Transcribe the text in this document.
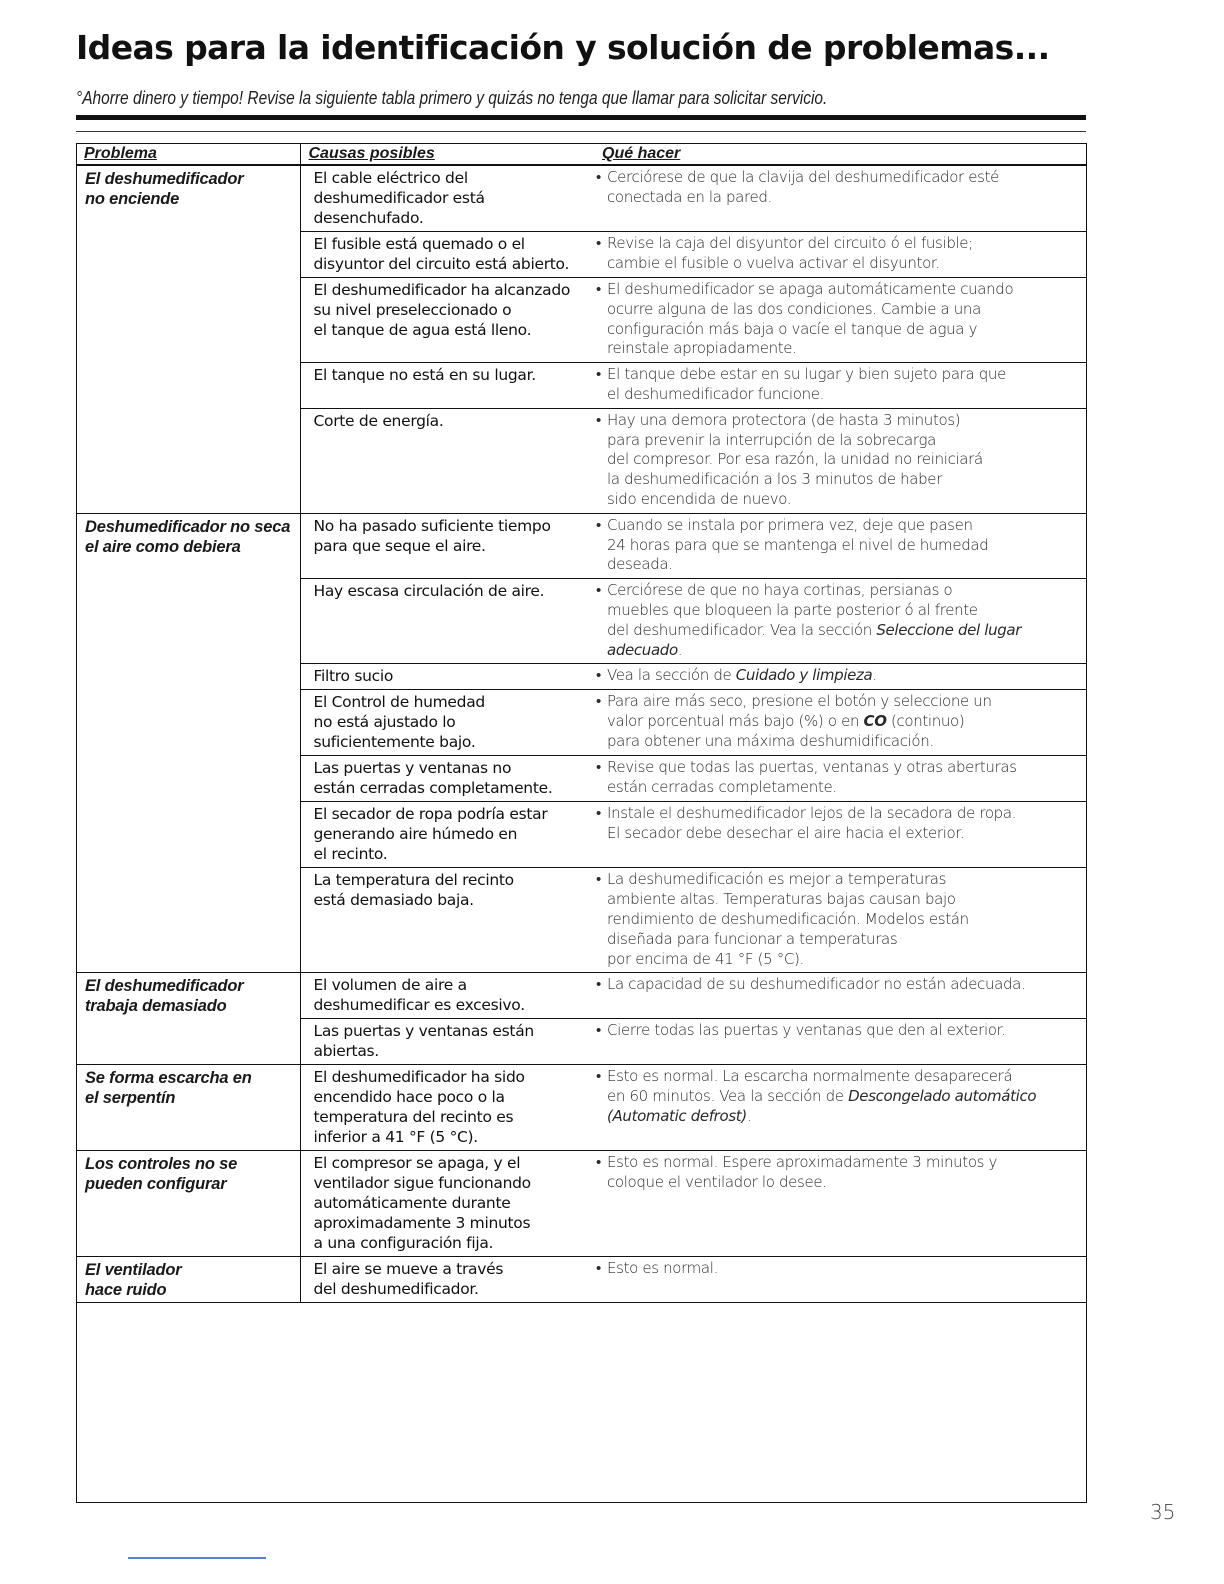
Ideas para la identificación y solución de problemas...
°Ahorre dinero y tiempo! Revise la siguiente tabla primero y quizás no tenga que llamar para solicitar servicio.
Problema	Causas posibles	Qué hacer

El deshumedificador
no enciende	El cable eléctrico del
deshumedificador está
desenchufado.	• Cerciórese de que la clavija del deshumedificador esté
conectada en la pared.

	El fusible está quemado o el
disyuntor del circuito está abierto.	• Revise la caja del disyuntor del circuito ó el fusible;
cambie el fusible o vuelva activar el disyuntor.

	El deshumedificador ha alcanzado
su nivel preseleccionado o
el tanque de agua está lleno.	• El deshumedificador se apaga automáticamente cuando
ocurre alguna de las dos condiciones. Cambie a una
configuración más baja o vacíe el tanque de agua y
reinstale apropiadamente.

	El tanque no está en su lugar.	• El tanque debe estar en su lugar y bien sujeto para que
el deshumedificador funcione.

	Corte de energía.	• Hay una demora protectora (de hasta 3 minutos)
para prevenir la interrupción de la sobrecarga
del compresor. Por esa razón, la unidad no reiniciará
la deshumedificación a los 3 minutos de haber
sido encendida de nuevo.

Deshumedificador no seca
el aire como debiera	No ha pasado suficiente tiempo
para que seque el aire.	• Cuando se instala por primera vez, deje que pasen
24 horas para que se mantenga el nivel de humedad
deseada.

	Hay escasa circulación de aire.	• Cerciórese de que no haya cortinas, persianas o
muebles que bloqueen la parte posterior ó al frente
del deshumedificador. Vea la sección Seleccione del lugar adecuado.

	Filtro sucio	• Vea la sección de Cuidado y limpieza.

	El Control de humedad
no está ajustado lo
suficientemente bajo.	• Para aire más seco, presione el botón y seleccione un
valor porcentual más bajo (%) o en CO (continuo)
para obtener una máxima deshumidificación.

	Las puertas y ventanas no
están cerradas completamente.	• Revise que todas las puertas, ventanas y otras aberturas
están cerradas completamente.

	El secador de ropa podría estar
generando aire húmedo en
el recinto.	• Instale el deshumedificador lejos de la secadora de ropa.
El secador debe desechar el aire hacia el exterior.

	La temperatura del recinto
está demasiado baja.	• La deshumedificación es mejor a temperaturas
ambiente altas. Temperaturas bajas causan bajo
rendimiento de deshumedificación. Modelos están
diseñada para funcionar a temperaturas
por encima de 41 °F (5 °C).

El deshumedificador
trabaja demasiado	El volumen de aire a
deshumedificar es excesivo.	• La capacidad de su deshumedificador no están adecuada.

	Las puertas y ventanas están
abiertas.	• Cierre todas las puertas y ventanas que den al exterior.

Se forma escarcha en
el serpentín	El deshumedificador ha sido
encendido hace poco o la
temperatura del recinto es
inferior a 41 °F (5 °C).	• Esto es normal. La escarcha normalmente desaparecerá
en 60 minutos. Vea la sección de Descongelado automático (Automatic defrost).

Los controles no se
pueden configurar	El compresor se apaga, y el
ventilador sigue funcionando
automáticamente durante
aproximadamente 3 minutos
a una configuración fija.	• Esto es normal. Espere aproximadamente 3 minutos y
coloque el ventilador lo desee.

El ventilador
hace ruido	El aire se mueve a través
del deshumedificador.	• Esto es normal.
35
